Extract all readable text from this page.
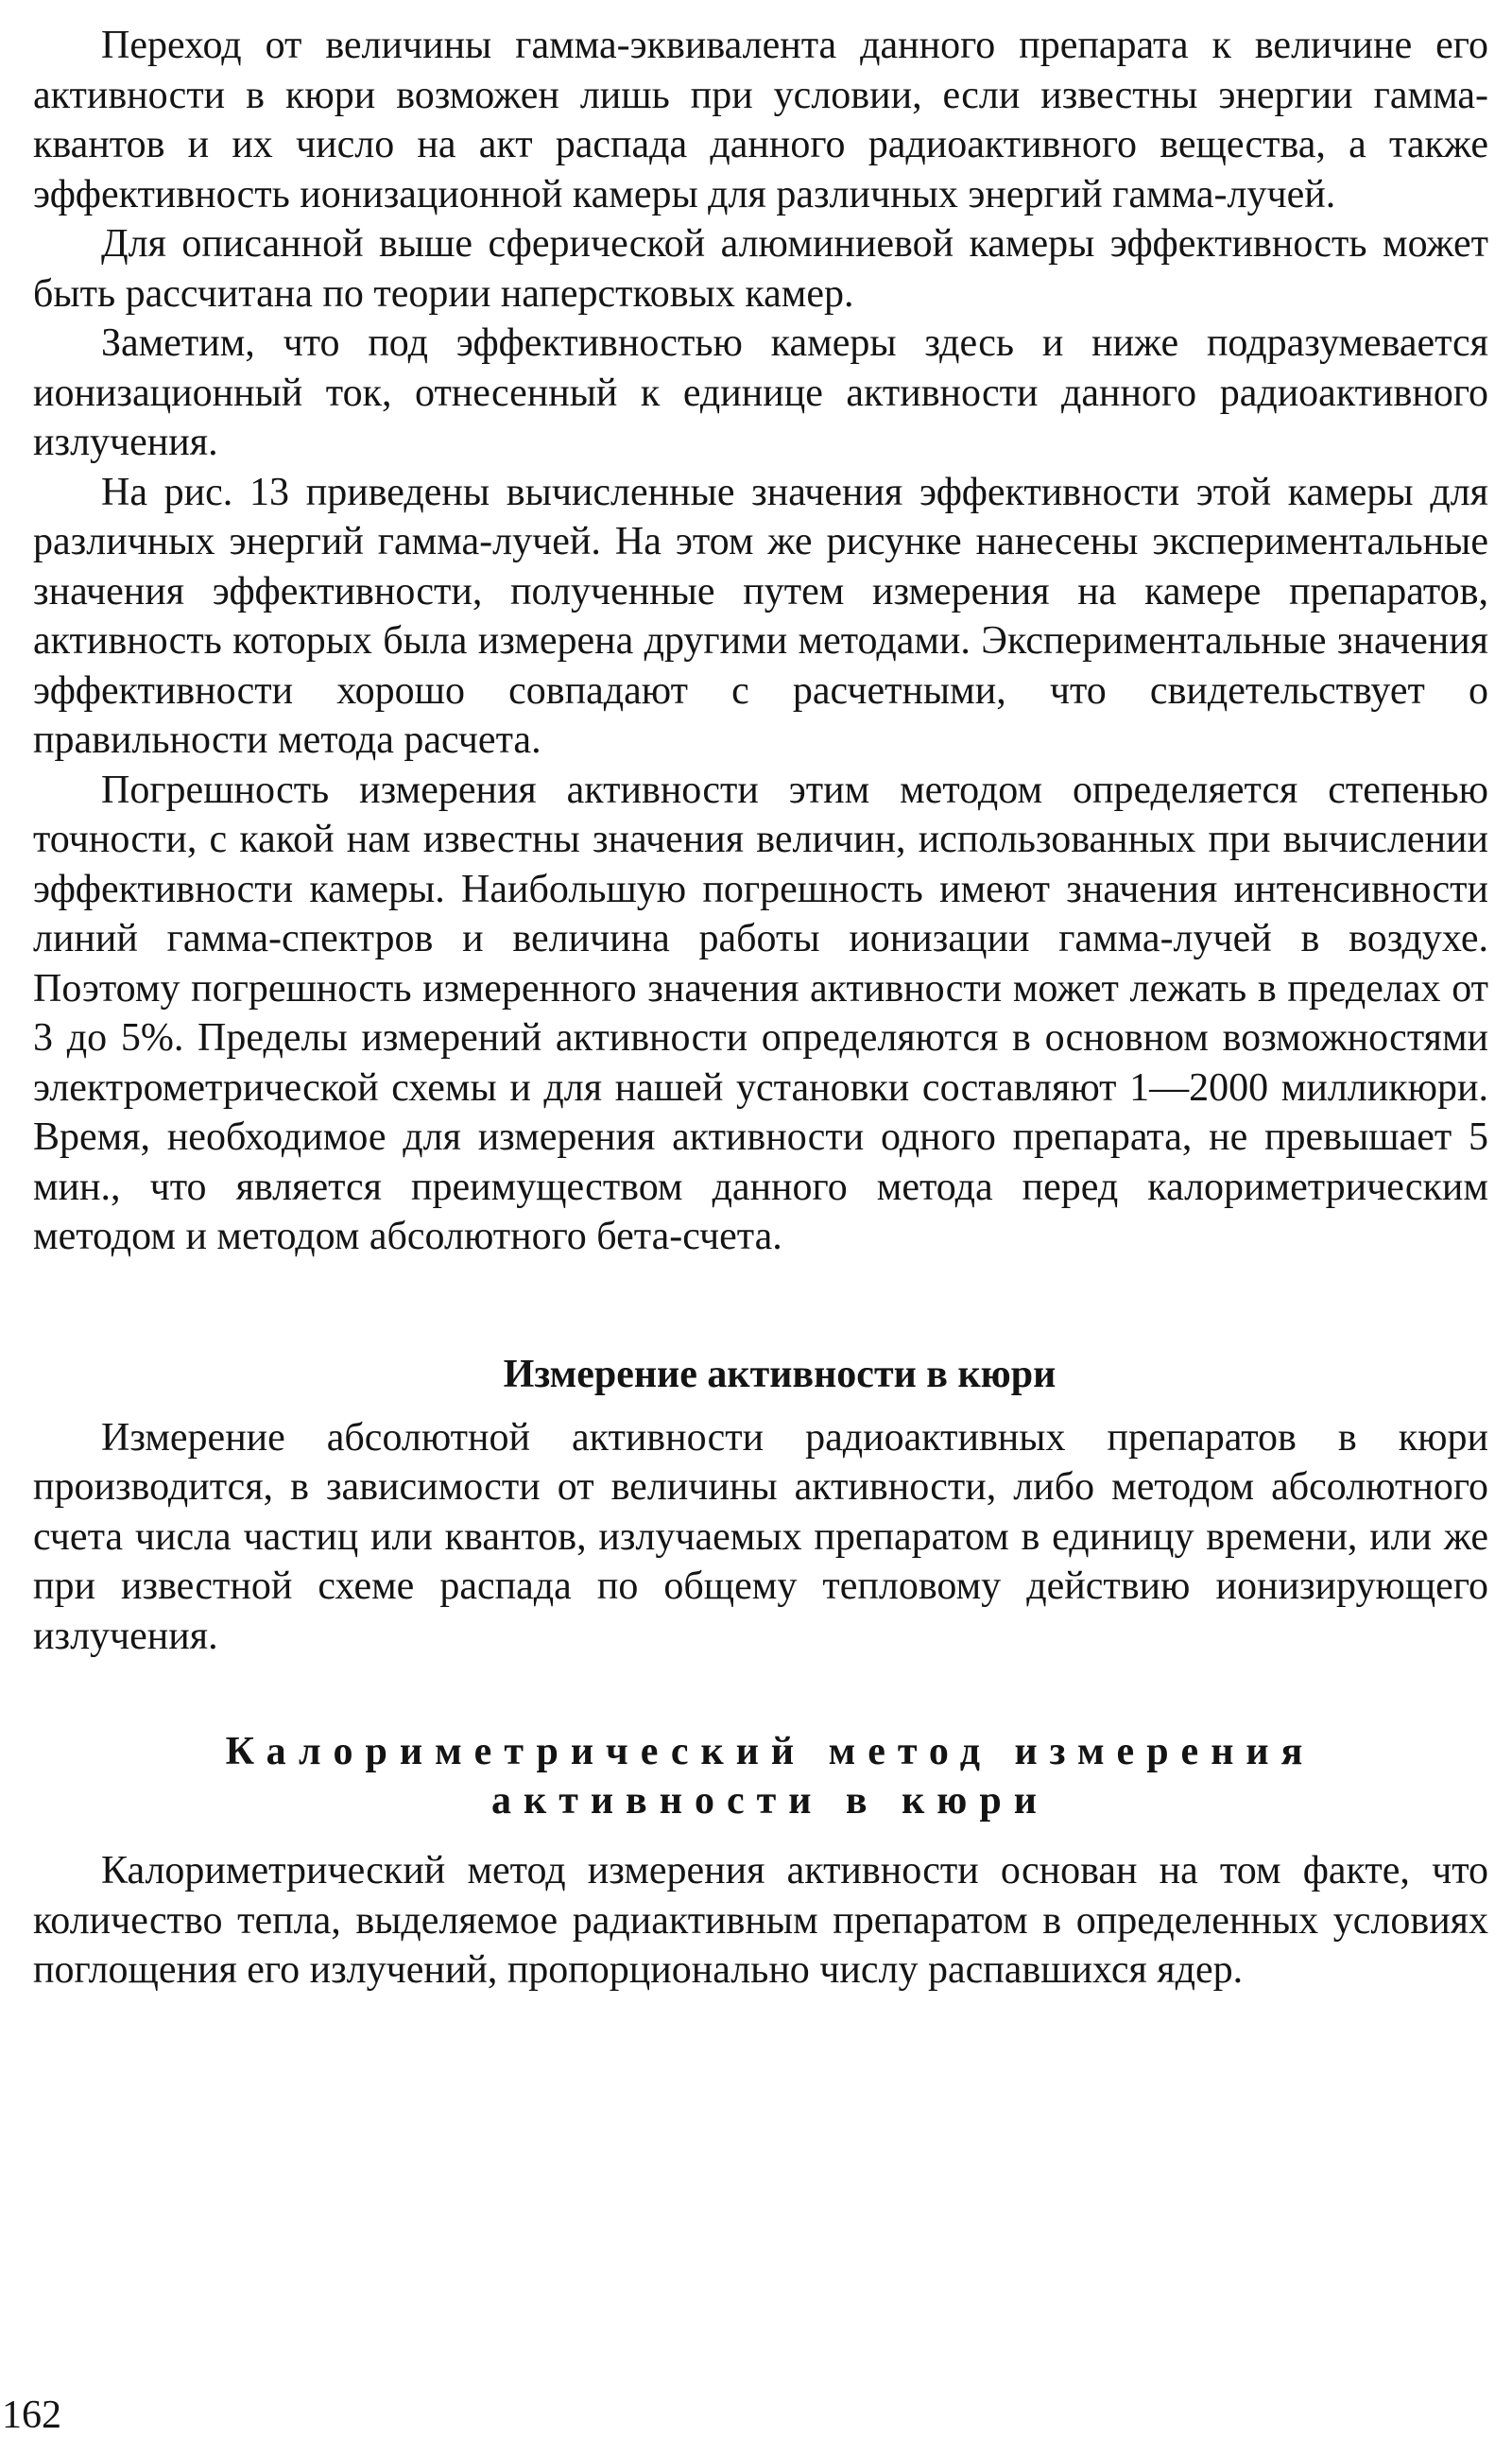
Переход от величины гамма-эквивалента данного препарата к величине его активности в кюри возможен лишь при условии, если известны энергии гамма-квантов и их число на акт распада данного радиоактивного вещества, а также эффективность ионизационной камеры для различных энергий гамма-лучей.

Для описанной выше сферической алюминиевой камеры эффективность может быть рассчитана по теории наперстковых камер.

Заметим, что под эффективностью камеры здесь и ниже подразумевается ионизационный ток, отнесенный к единице активности данного радиоактивного излучения.

На рис. 13 приведены вычисленные значения эффективности этой камеры для различных энергий гамма-лучей. На этом же рисунке нанесены экспериментальные значения эффективности, полученные путем измерения на камере препаратов, активность которых была измерена другими методами. Экспериментальные значения эффективности хорошо совпадают с расчетными, что свидетельствует о правильности метода расчета.

Погрешность измерения активности этим методом определяется степенью точности, с какой нам известны значения величин, использованных при вычислении эффективности камеры. Наибольшую погрешность имеют значения интенсивности линий гамма-спектров и величина работы ионизации гамма-лучей в воздухе. Поэтому погрешность измеренного значения активности может лежать в пределах от 3 до 5%. Пределы измерений активности определяются в основном возможностями электрометрической схемы и для нашей установки составляют 1—2000 милликюри. Время, необходимое для измерения активности одного препарата, не превышает 5 мин., что является преимуществом данного метода перед калориметрическим методом и методом абсолютного бета-счета.

Измерение активности в кюри

Измерение абсолютной активности радиоактивных препаратов в кюри производится, в зависимости от величины активности, либо методом абсолютного счета числа частиц или квантов, излучаемых препаратом в единицу времени, или же при известной схеме распада по общему тепловому действию ионизирующего излучения.

Калориметрический метод измерения
активности в кюри

Калориметрический метод измерения активности основан на том факте, что количество тепла, выделяемое радиактивным препаратом в определенных условиях поглощения его излучений, пропорционально числу распавшихся ядер.

162
